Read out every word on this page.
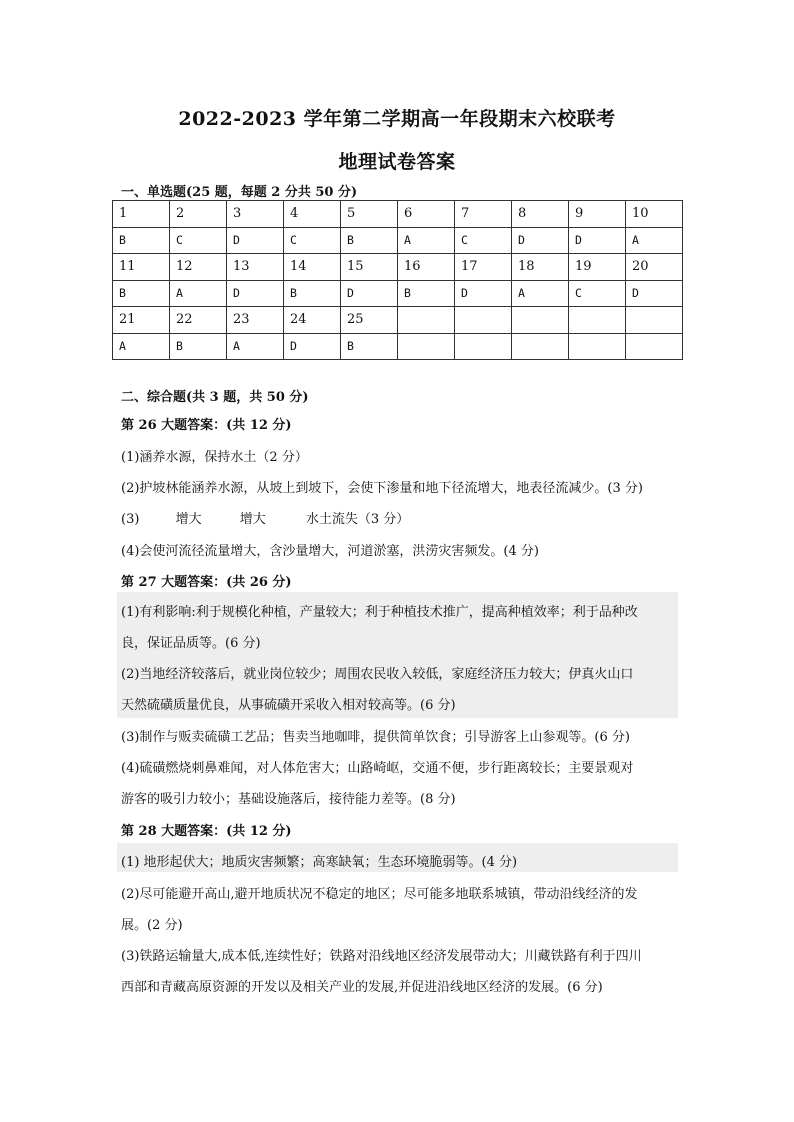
2022-2023 学年第二学期高一年段期末六校联考
地理试卷答案
一、单选题(25 题，每题 2 分共 50 分)
1	2	3	4	5	6	7	8	9	10
B	C	D	C	B	A	C	D	D	A
11	12	13	14	15	16	17	18	19	20
B	A	D	B	D	B	D	A	C	D
21	22	23	24	25					
A	B	A	D	B					
二、综合题(共 3 题，共 50 分)
第 26 大题答案：(共 12 分)
(1)涵养水源，保持水土（2 分）
(2)护坡林能涵养水源，从坡上到坡下，会使下渗量和地下径流增大，地表径流减少。(3 分)
(3)	增大	增大	水土流失（3 分）
(4)会使河流径流量增大，含沙量增大，河道淤塞，洪涝灾害频发。(4 分)
第 27 大题答案：(共 26 分)
(1)有利影响:利于规模化种植，产量较大；利于种植技术推广，提高种植效率；利于品种改
良，保证品质等。(6 分)
(2)当地经济较落后，就业岗位较少；周围农民收入较低，家庭经济压力较大；伊真火山口
天然硫磺质量优良，从事硫磺开采收入相对较高等。(6 分)
(3)制作与贩卖硫磺工艺品；售卖当地咖啡，提供简单饮食；引导游客上山参观等。(6 分)
(4)硫磺燃烧刺鼻难闻，对人体危害大；山路崎岖，交通不便，步行距离较长；主要景观对
游客的吸引力较小；基础设施落后，接待能力差等。(8 分)
第 28 大题答案：(共 12 分)
(1) 地形起伏大；地质灾害频繁；高寒缺氧；生态环境脆弱等。(4 分)
(2)尽可能避开高山,避开地质状况不稳定的地区；尽可能多地联系城镇，带动沿线经济的发
展。(2 分)
(3)铁路运输量大,成本低,连续性好；铁路对沿线地区经济发展带动大；川藏铁路有利于四川
西部和青藏高原资源的开发以及相关产业的发展,并促进沿线地区经济的发展。(6 分)
